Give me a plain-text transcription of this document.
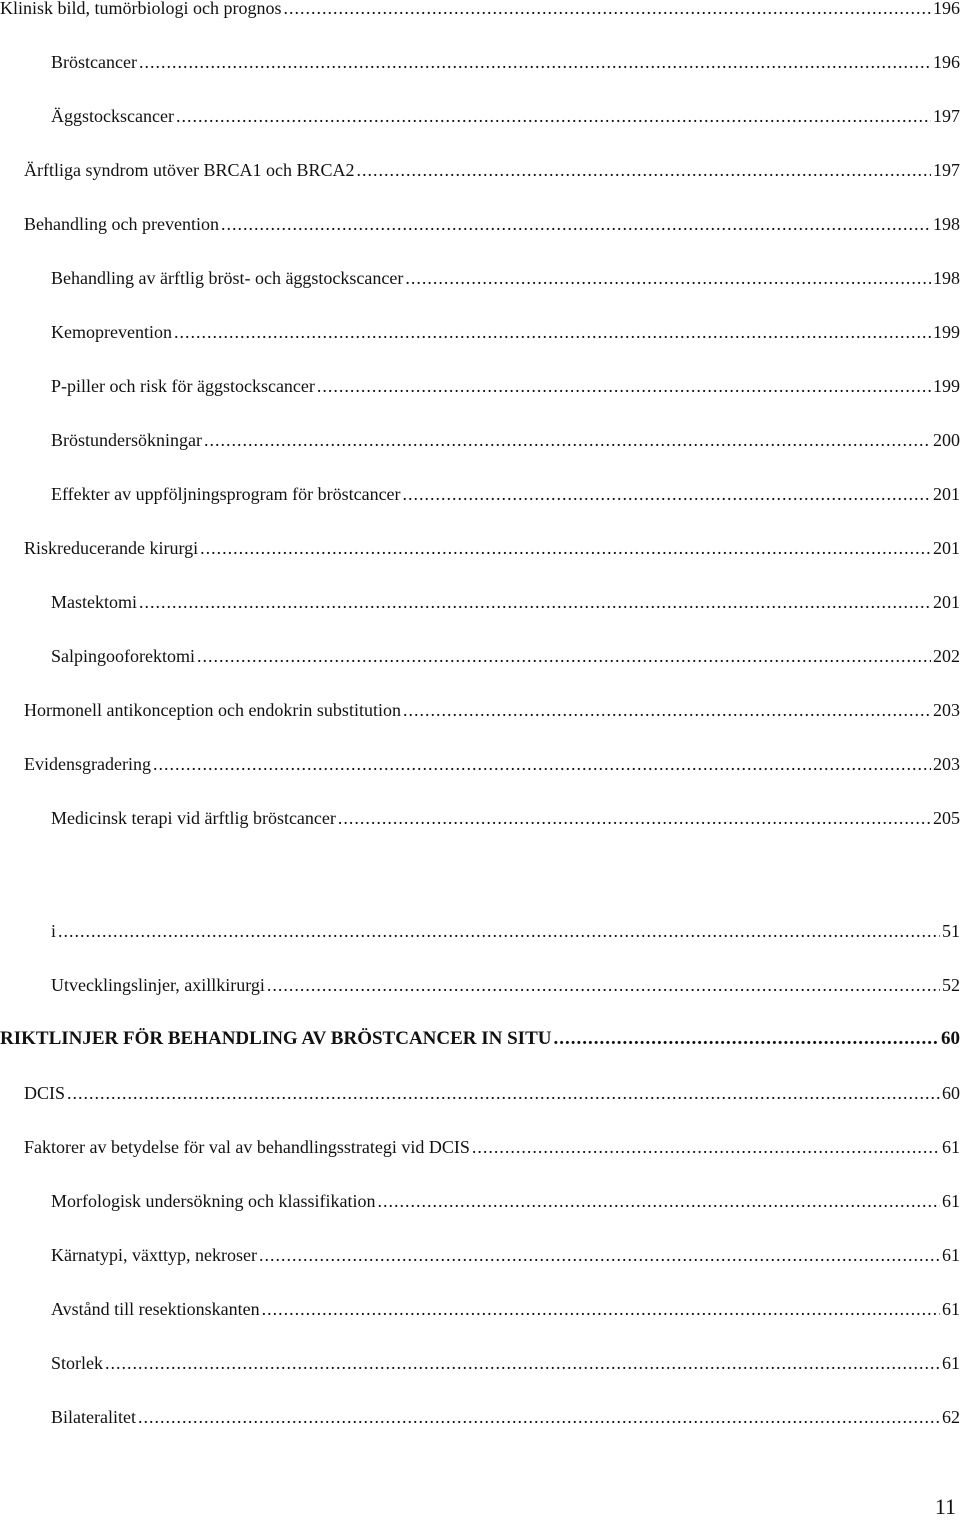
Klinisk bild, tumörbiologi och prognos .....	196
Bröstcancer .....	196
Äggstockscancer .....	197
Ärftliga syndrom utöver BRCA1 och BRCA2 .....	197
Behandling och prevention .....	198
Behandling av ärftlig bröst- och äggstockscancer .....	198
Kemoprevention .....	199
P-piller och risk för äggstockscancer .....	199
Bröstundersökningar .....	200
Effekter av uppföljningsprogram för bröstcancer .....	201
Riskreducerande kirurgi .....	201
Mastektomi .....	201
Salpingooforektomi .....	202
Hormonell antikonception och endokrin substitution .....	203
Evidensgradering .....	203
Medicinsk terapi vid ärftlig bröstcancer .....	205
i .....	51
Utvecklingslinjer, axillkirurgi .....	52
RIKTLINJER FÖR BEHANDLING AV BRÖSTCANCER IN SITU .....	60
DCIS .....	60
Faktorer av betydelse för val av behandlingsstrategi vid DCIS .....	61
Morfologisk undersökning och klassifikation .....	61
Kärnatypi, växttyp, nekroser .....	61
Avstånd till resektionskanten .....	61
Storlek .....	61
Bilateralitet .....	62
11
